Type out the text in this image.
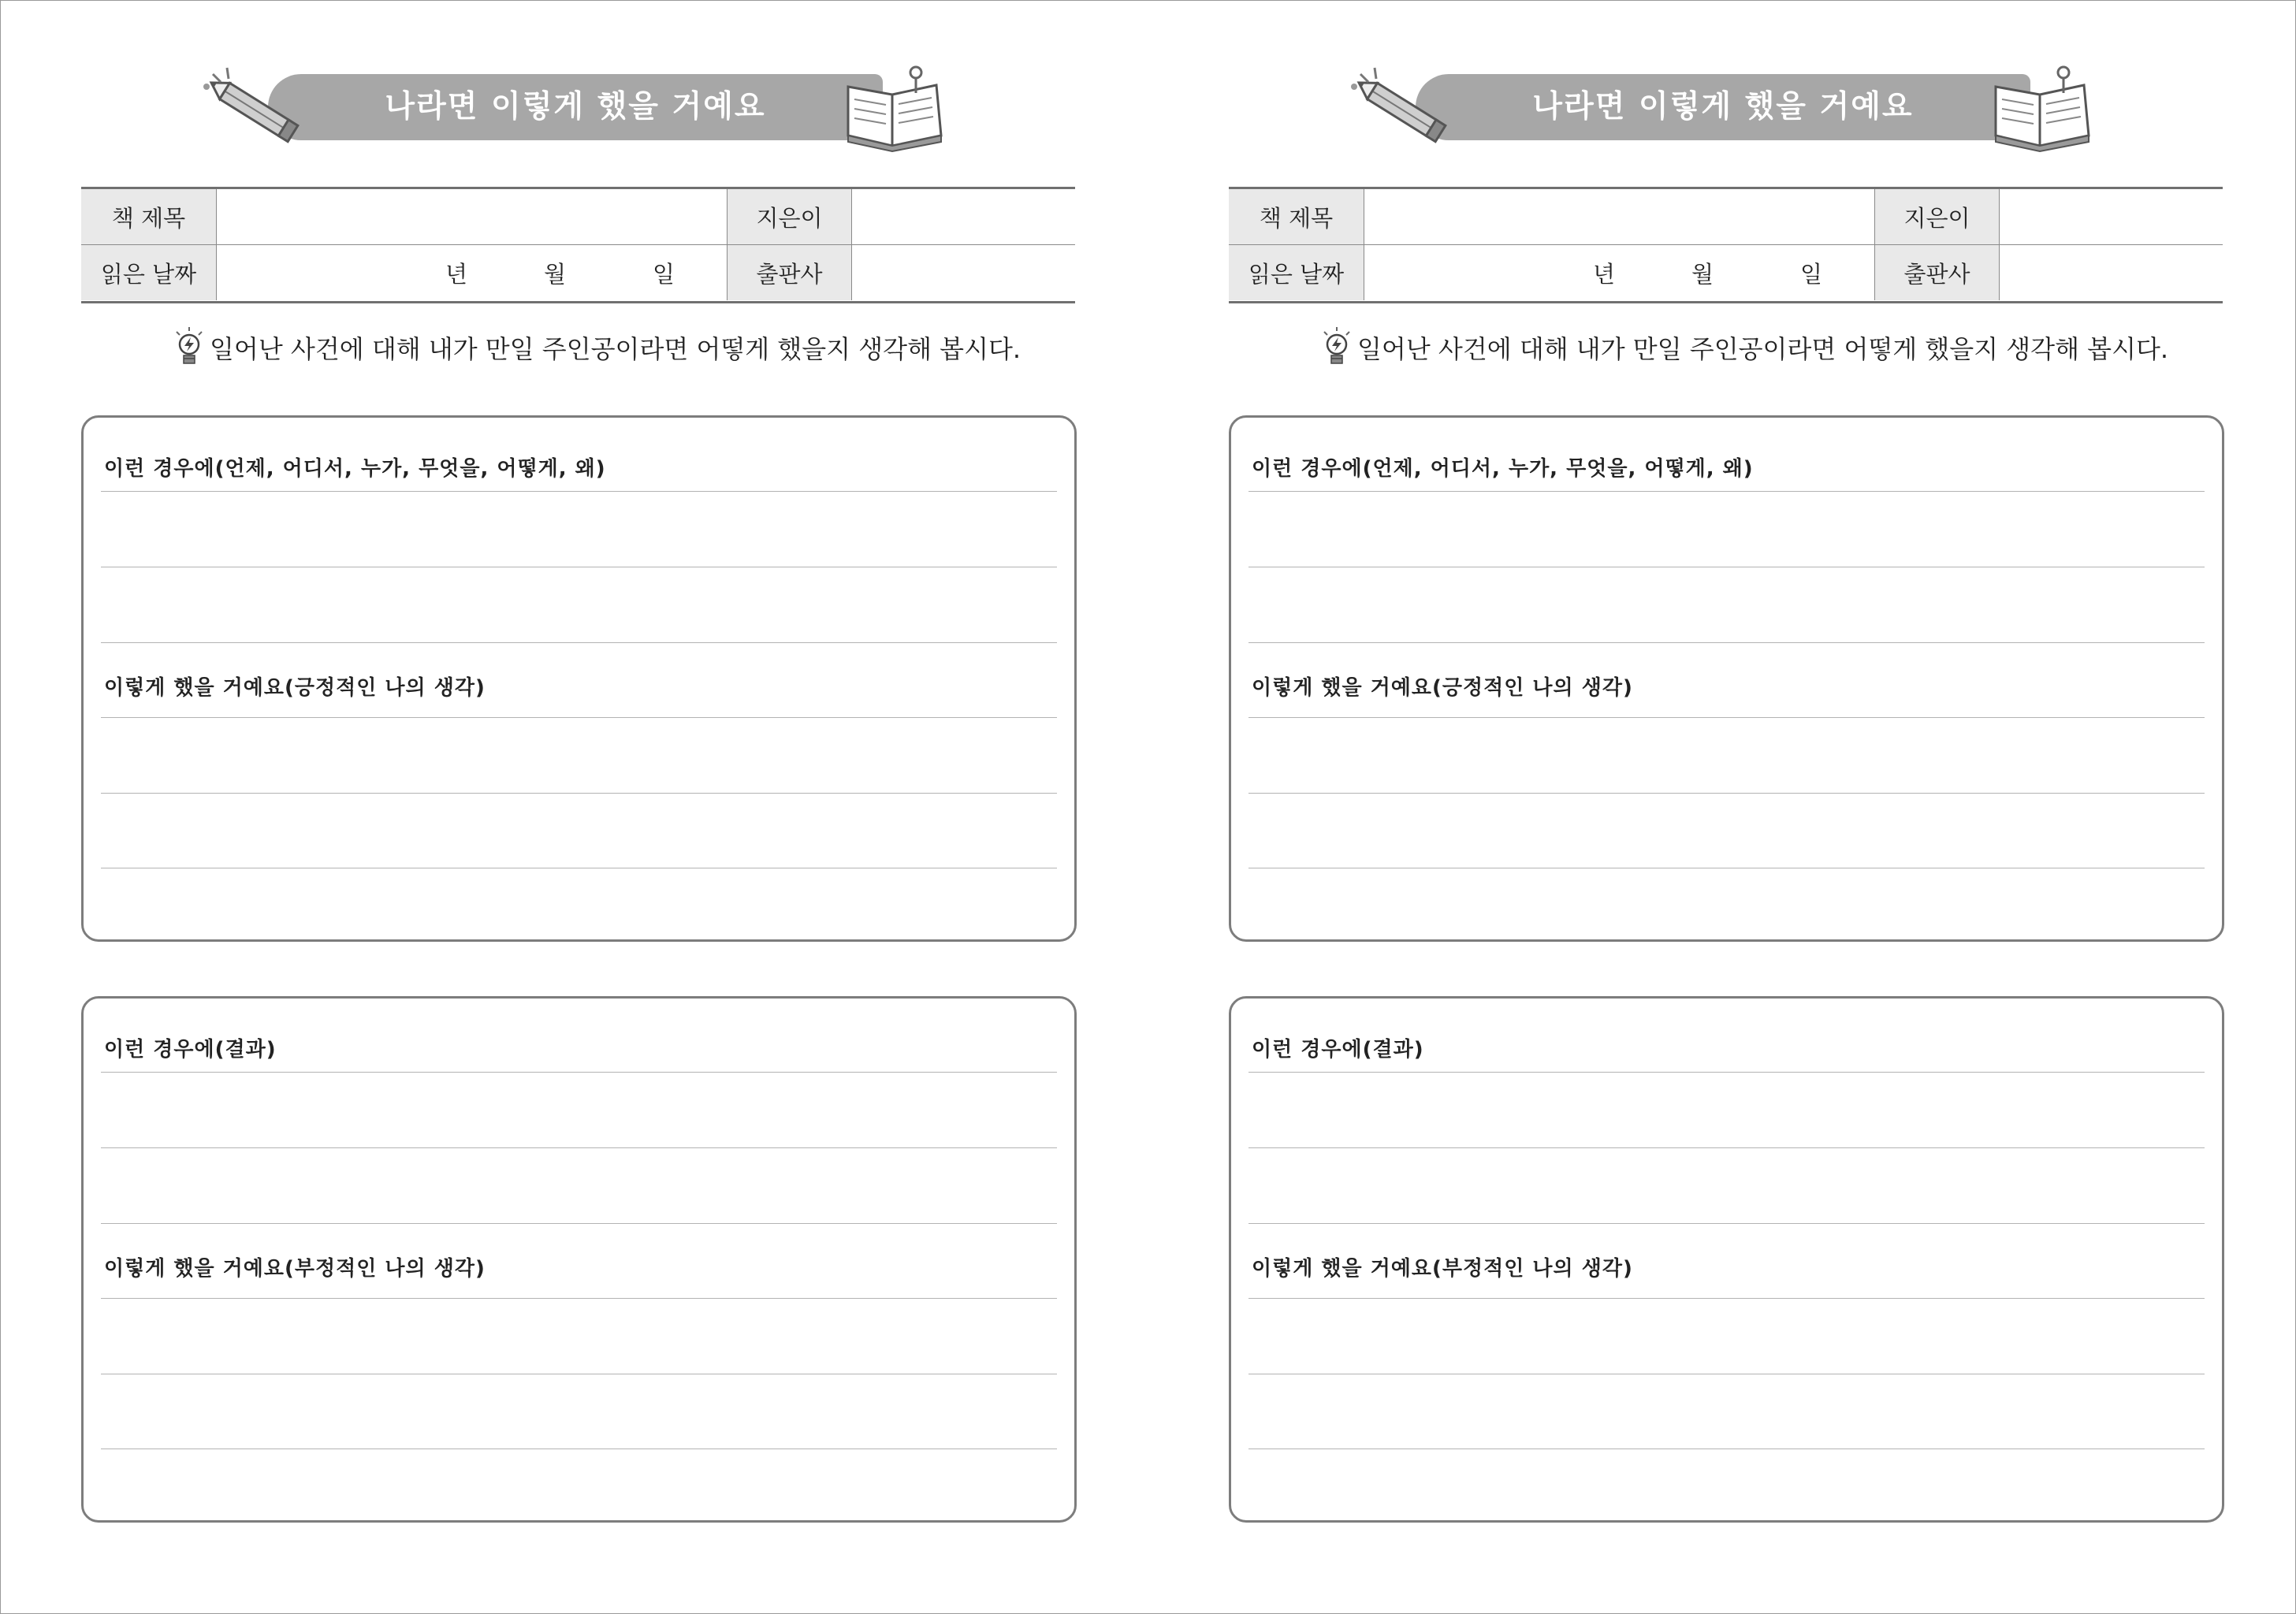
나라면 이렇게 했을 거예요
책 제목	지은이
읽은 날짜	년	월	일	출판사
일어난 사건에 대해 내가 만일 주인공이라면 어떻게 했을지 생각해 봅시다.
이런 경우에(언제, 어디서, 누가, 무엇을, 어떻게, 왜)
이렇게 했을 거예요(긍정적인 나의 생각)
이런 경우에(결과)
이렇게 했을 거예요(부정적인 나의 생각)
나라면 이렇게 했을 거예요
책 제목	지은이
읽은 날짜	년	월	일	출판사
일어난 사건에 대해 내가 만일 주인공이라면 어떻게 했을지 생각해 봅시다.
이런 경우에(언제, 어디서, 누가, 무엇을, 어떻게, 왜)
이렇게 했을 거예요(긍정적인 나의 생각)
이런 경우에(결과)
이렇게 했을 거예요(부정적인 나의 생각)
